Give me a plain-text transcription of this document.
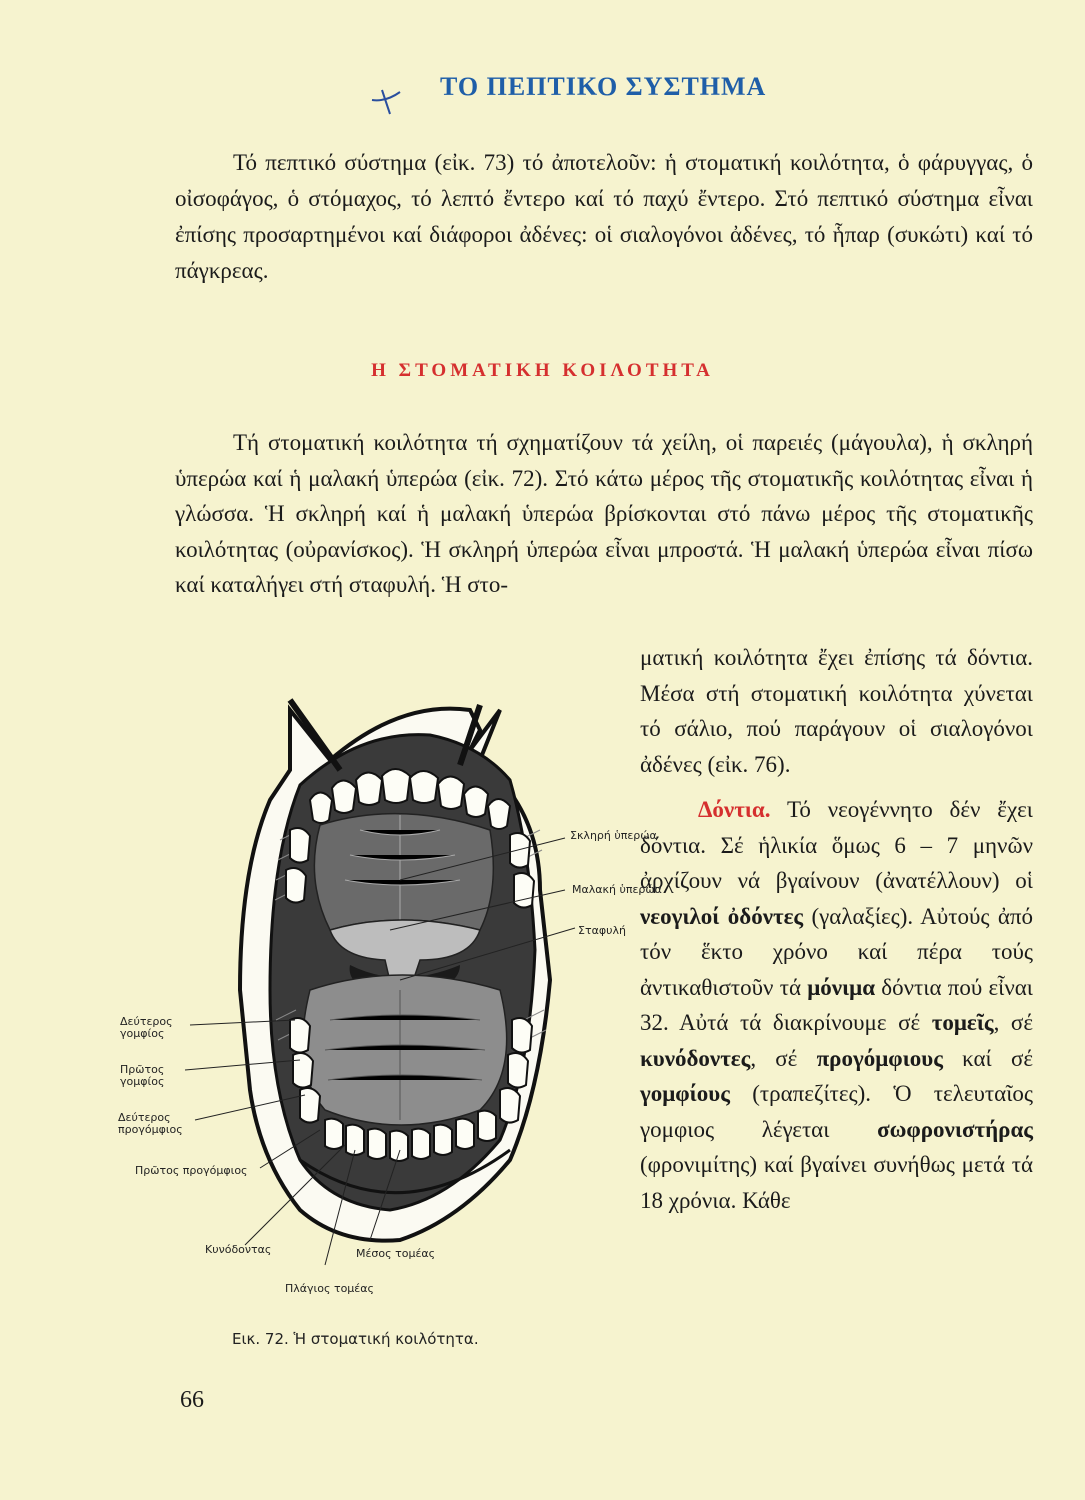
ΤΟ ΠΕΠΤΙΚΟ ΣΥΣΤΗΜΑ

Τό πεπτικό σύστημα (εἰκ. 73) τό ἀποτελοῦν: ἡ στοματική κοιλότητα, ὁ φάρυγγας, ὁ οἰσοφάγος, ὁ στόμαχος, τό λεπτό ἔντερο καί τό παχύ ἔντερο. Στό πεπτικό σύστημα εἶναι ἐπίσης προσαρτημένοι καί διάφοροι ἀδένες: οἱ σιαλογόνοι ἀδένες, τό ἧπαρ (συκώτι) καί τό πάγκρεας.

Η ΣΤΟΜΑΤΙΚΗ ΚΟΙΛΟΤΗΤΑ

Τή στοματική κοιλότητα τή σχηματίζουν τά χείλη, οἱ παρειές (μάγουλα), ἡ σκληρή ὑπερώα καί ἡ μαλακή ὑπερώα (εἰκ. 72). Στό κάτω μέρος τῆς στοματικῆς κοιλότητας εἶναι ἡ γλώσσα. Ἡ σκληρή καί ἡ μαλακή ὑπερώα βρίσκονται στό πάνω μέρος τῆς στοματικῆς κοιλότητας (οὐρανίσκος). Ἡ σκληρή ὑπερώα εἶναι μπροστά. Ἡ μαλακή ὑπερώα εἶναι πίσω καί καταλήγει στή σταφυλή. Ἡ στο-

ματική κοιλότητα ἔχει ἐπίσης τά δόντια. Μέσα στή στοματική κοιλότητα χύνεται τό σάλιο, πού παράγουν οἱ σιαλογόνοι ἀδένες (εἰκ. 76).

Δόντια. Τό νεογέννητο δέν ἔχει δόντια. Σέ ἡλικία ὅμως 6 – 7 μηνῶν ἀρχίζουν νά βγαίνουν (ἀνατέλλουν) οἱ νεογιλοί ὀδόντες (γαλαξίες). Αὐτούς ἀπό τόν ἕκτο χρόνο καί πέρα τούς ἀντικαθιστοῦν τά μόνιμα δόντια πού εἶναι 32. Αὐτά τά διακρίνουμε σέ τομεῖς, σέ κυνόδοντες, σέ προγόμφιους καί σέ γομφίους (τραπεζίτες). Ὁ τελευταῖος γομφιος λέγεται σωφρονιστήρας (φρονιμίτης) καί βγαίνει συνήθως μετά τά 18 χρόνια. Κάθε

Σκληρή ὑπερώα
Μαλακή ὑπερώα
Σταφυλή
Δεύτερος γομφίος
Πρῶτος γομφίος
Δεύτερος προγόμφιος
Πρῶτος προγόμφιος
Κυνόδοντας	Μέσος τομέας
Πλάγιος τομέας
Εικ. 72. Ἡ στοματική κοιλότητα.
66
